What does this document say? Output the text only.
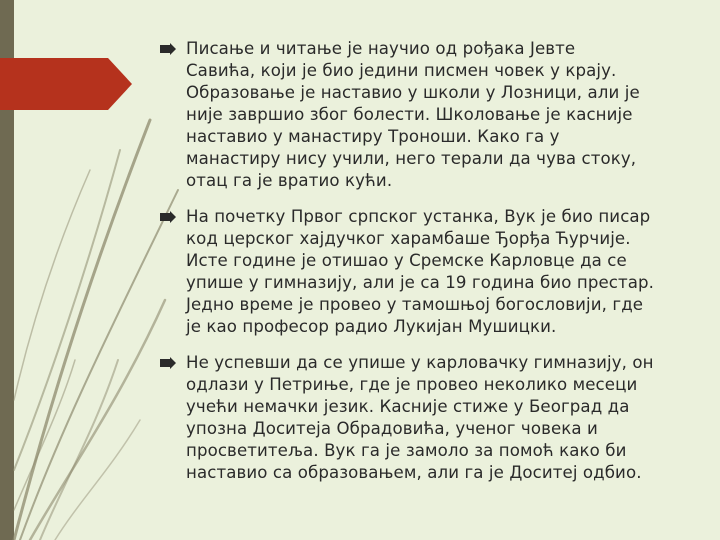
Писање и читање је научио од рођака Јевте
Савића, који је био једини писмен човек у крају.
Образовање је наставио у школи у Лозници, али је
није завршио због болести. Школовање је касније
наставио у манастиру Троноши. Како га у
манастиру нису учили, него терали да чува стоку,
отац га је вратио кући.
На почетку Првог српског устанка, Вук је био писар
код церског хајдучког харамбаше Ђорђа Ћурчије.
Исте године је отишао у Сремске Карловце да се
упише у гимназију, али је са 19 година био престар.
Једно време је провео у тамошњој богословији, где
је као професор радио Лукијан Мушицки.
Не успевши да се упише у карловачку гимназију, он
одлази у Петриње, где је провео неколико месеци
учећи немачки језик. Касније стиже у Београд да
упозна Доситеја Обрадовића, ученог човека и
просветитеља. Вук га је замоло за помоћ како би
наставио са образовањем, али га је Доситеј одбио.
